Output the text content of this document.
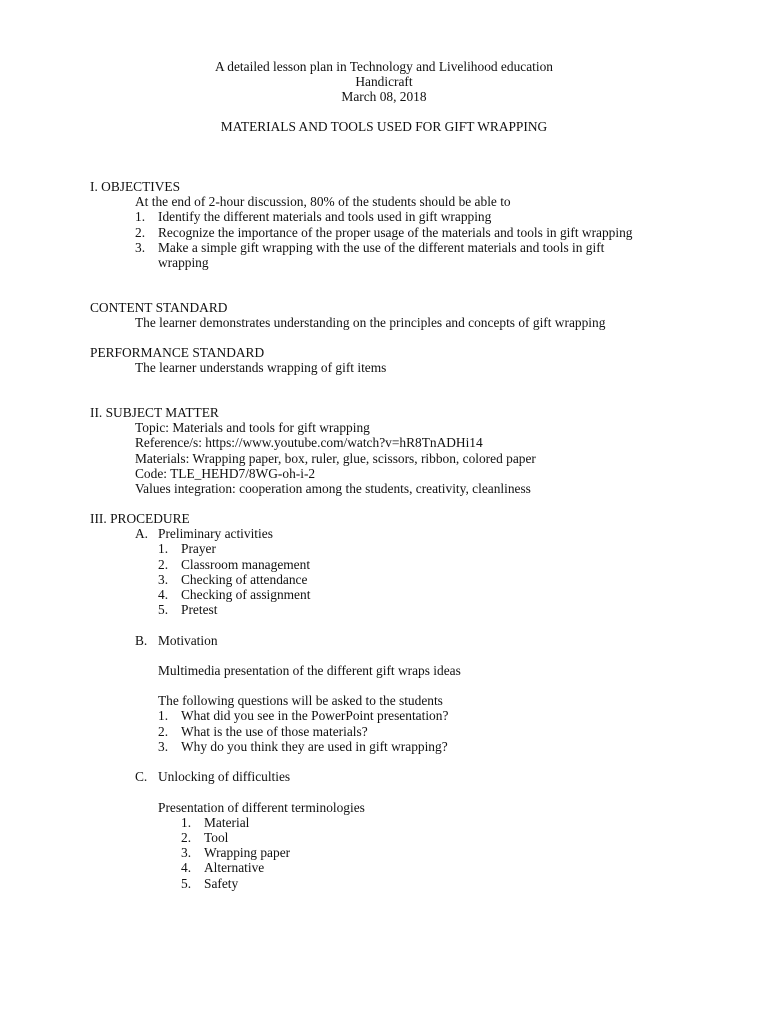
A detailed lesson plan in Technology and Livelihood education
Handicraft
March 08, 2018
MATERIALS AND TOOLS USED FOR GIFT WRAPPING
I. OBJECTIVES
At the end of 2-hour discussion, 80% of the students should be able to
1. Identify the different materials and tools used in gift wrapping
2. Recognize the importance of the proper usage of the materials and tools in gift wrapping
3. Make a simple gift wrapping with the use of the different materials and tools in gift wrapping
CONTENT STANDARD
The learner demonstrates understanding on the principles and concepts of gift wrapping
PERFORMANCE STANDARD
The learner understands wrapping of gift items
II. SUBJECT MATTER
Topic: Materials and tools for gift wrapping
Reference/s: https://www.youtube.com/watch?v=hR8TnADHi14
Materials: Wrapping paper, box, ruler, glue, scissors, ribbon, colored paper
Code: TLE_HEHD7/8WG-oh-i-2
Values integration: cooperation among the students, creativity, cleanliness
III. PROCEDURE
A. Preliminary activities
1. Prayer
2. Classroom management
3. Checking of attendance
4. Checking of assignment
5. Pretest
B. Motivation
Multimedia presentation of the different gift wraps ideas
The following questions will be asked to the students
1. What did you see in the PowerPoint presentation?
2. What is the use of those materials?
3. Why do you think they are used in gift wrapping?
C. Unlocking of difficulties
Presentation of different terminologies
1. Material
2. Tool
3. Wrapping paper
4. Alternative
5. Safety
